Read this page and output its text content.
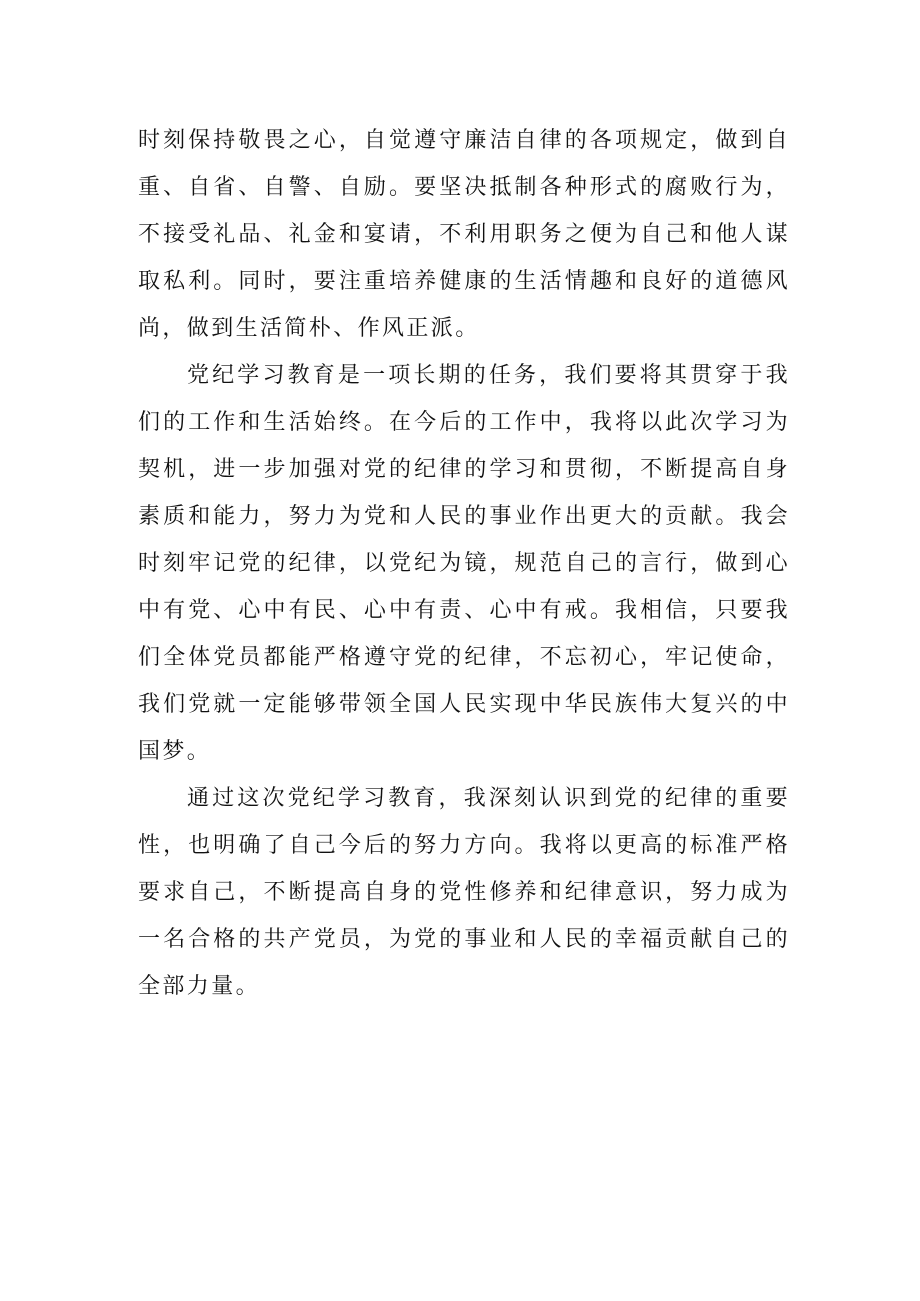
时刻保持敬畏之心，自觉遵守廉洁自律的各项规定，做到自重、自省、自警、自励。要坚决抵制各种形式的腐败行为，不接受礼品、礼金和宴请，不利用职务之便为自己和他人谋取私利。同时，要注重培养健康的生活情趣和良好的道德风尚，做到生活简朴、作风正派。

党纪学习教育是一项长期的任务，我们要将其贯穿于我们的工作和生活始终。在今后的工作中，我将以此次学习为契机，进一步加强对党的纪律的学习和贯彻，不断提高自身素质和能力，努力为党和人民的事业作出更大的贡献。我会时刻牢记党的纪律，以党纪为镜，规范自己的言行，做到心中有党、心中有民、心中有责、心中有戒。我相信，只要我们全体党员都能严格遵守党的纪律，不忘初心，牢记使命，我们党就一定能够带领全国人民实现中华民族伟大复兴的中国梦。

通过这次党纪学习教育，我深刻认识到党的纪律的重要性，也明确了自己今后的努力方向。我将以更高的标准严格要求自己，不断提高自身的党性修养和纪律意识，努力成为一名合格的共产党员，为党的事业和人民的幸福贡献自己的全部力量。
